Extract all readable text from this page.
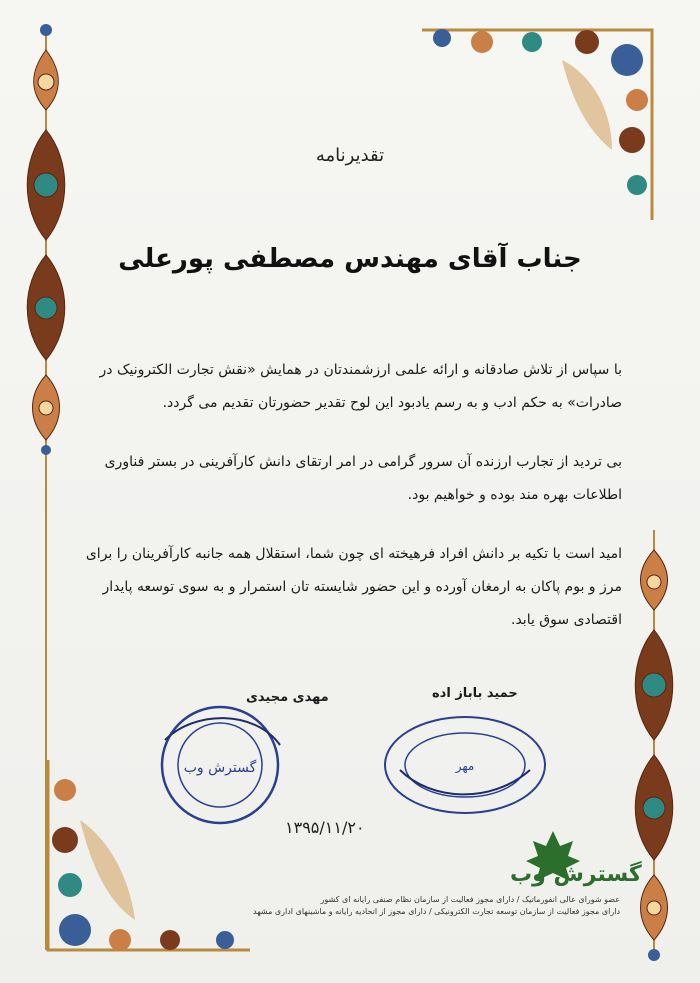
تقدیرنامه
جناب آقای مهندس مصطفی پورعلی
با سپاس از تلاش صادقانه و ارائه علمی ارزشمندتان در همایش «نقش تجارت الکترونیک در صادرات» به حکم ادب و به رسم یادبود این لوح تقدیر حضورتان تقدیم می گردد.
بی تردید از تجارب ارزنده آن سرور گرامی در امر ارتقای دانش کارآفرینی در بستر فناوری اطلاعات بهره مند بوده و خواهیم بود.
امید است با تکیه بر دانش افراد فرهیخته ای چون شما، استقلال همه جانبه کارآفرینان را برای مرز و بوم پاکان به ارمغان آورده و این حضور شایسته تان استمرار و به سوی توسعه پایدار اقتصادی سوق یابد.
مهدی مجیدی	حمید باباز اده
گسترش وب	مهر
۱۳۹۵/۱۱/۲۰
گسترش وب
عضو شورای عالی انفورماتیک / دارای مجوز فعالیت از سازمان نظام صنفی رایانه ای کشور
دارای مجوز فعالیت از سازمان توسعه تجارت الکترونیکی / دارای مجوز از اتحادیه رایانه و ماشینهای اداری مشهد
